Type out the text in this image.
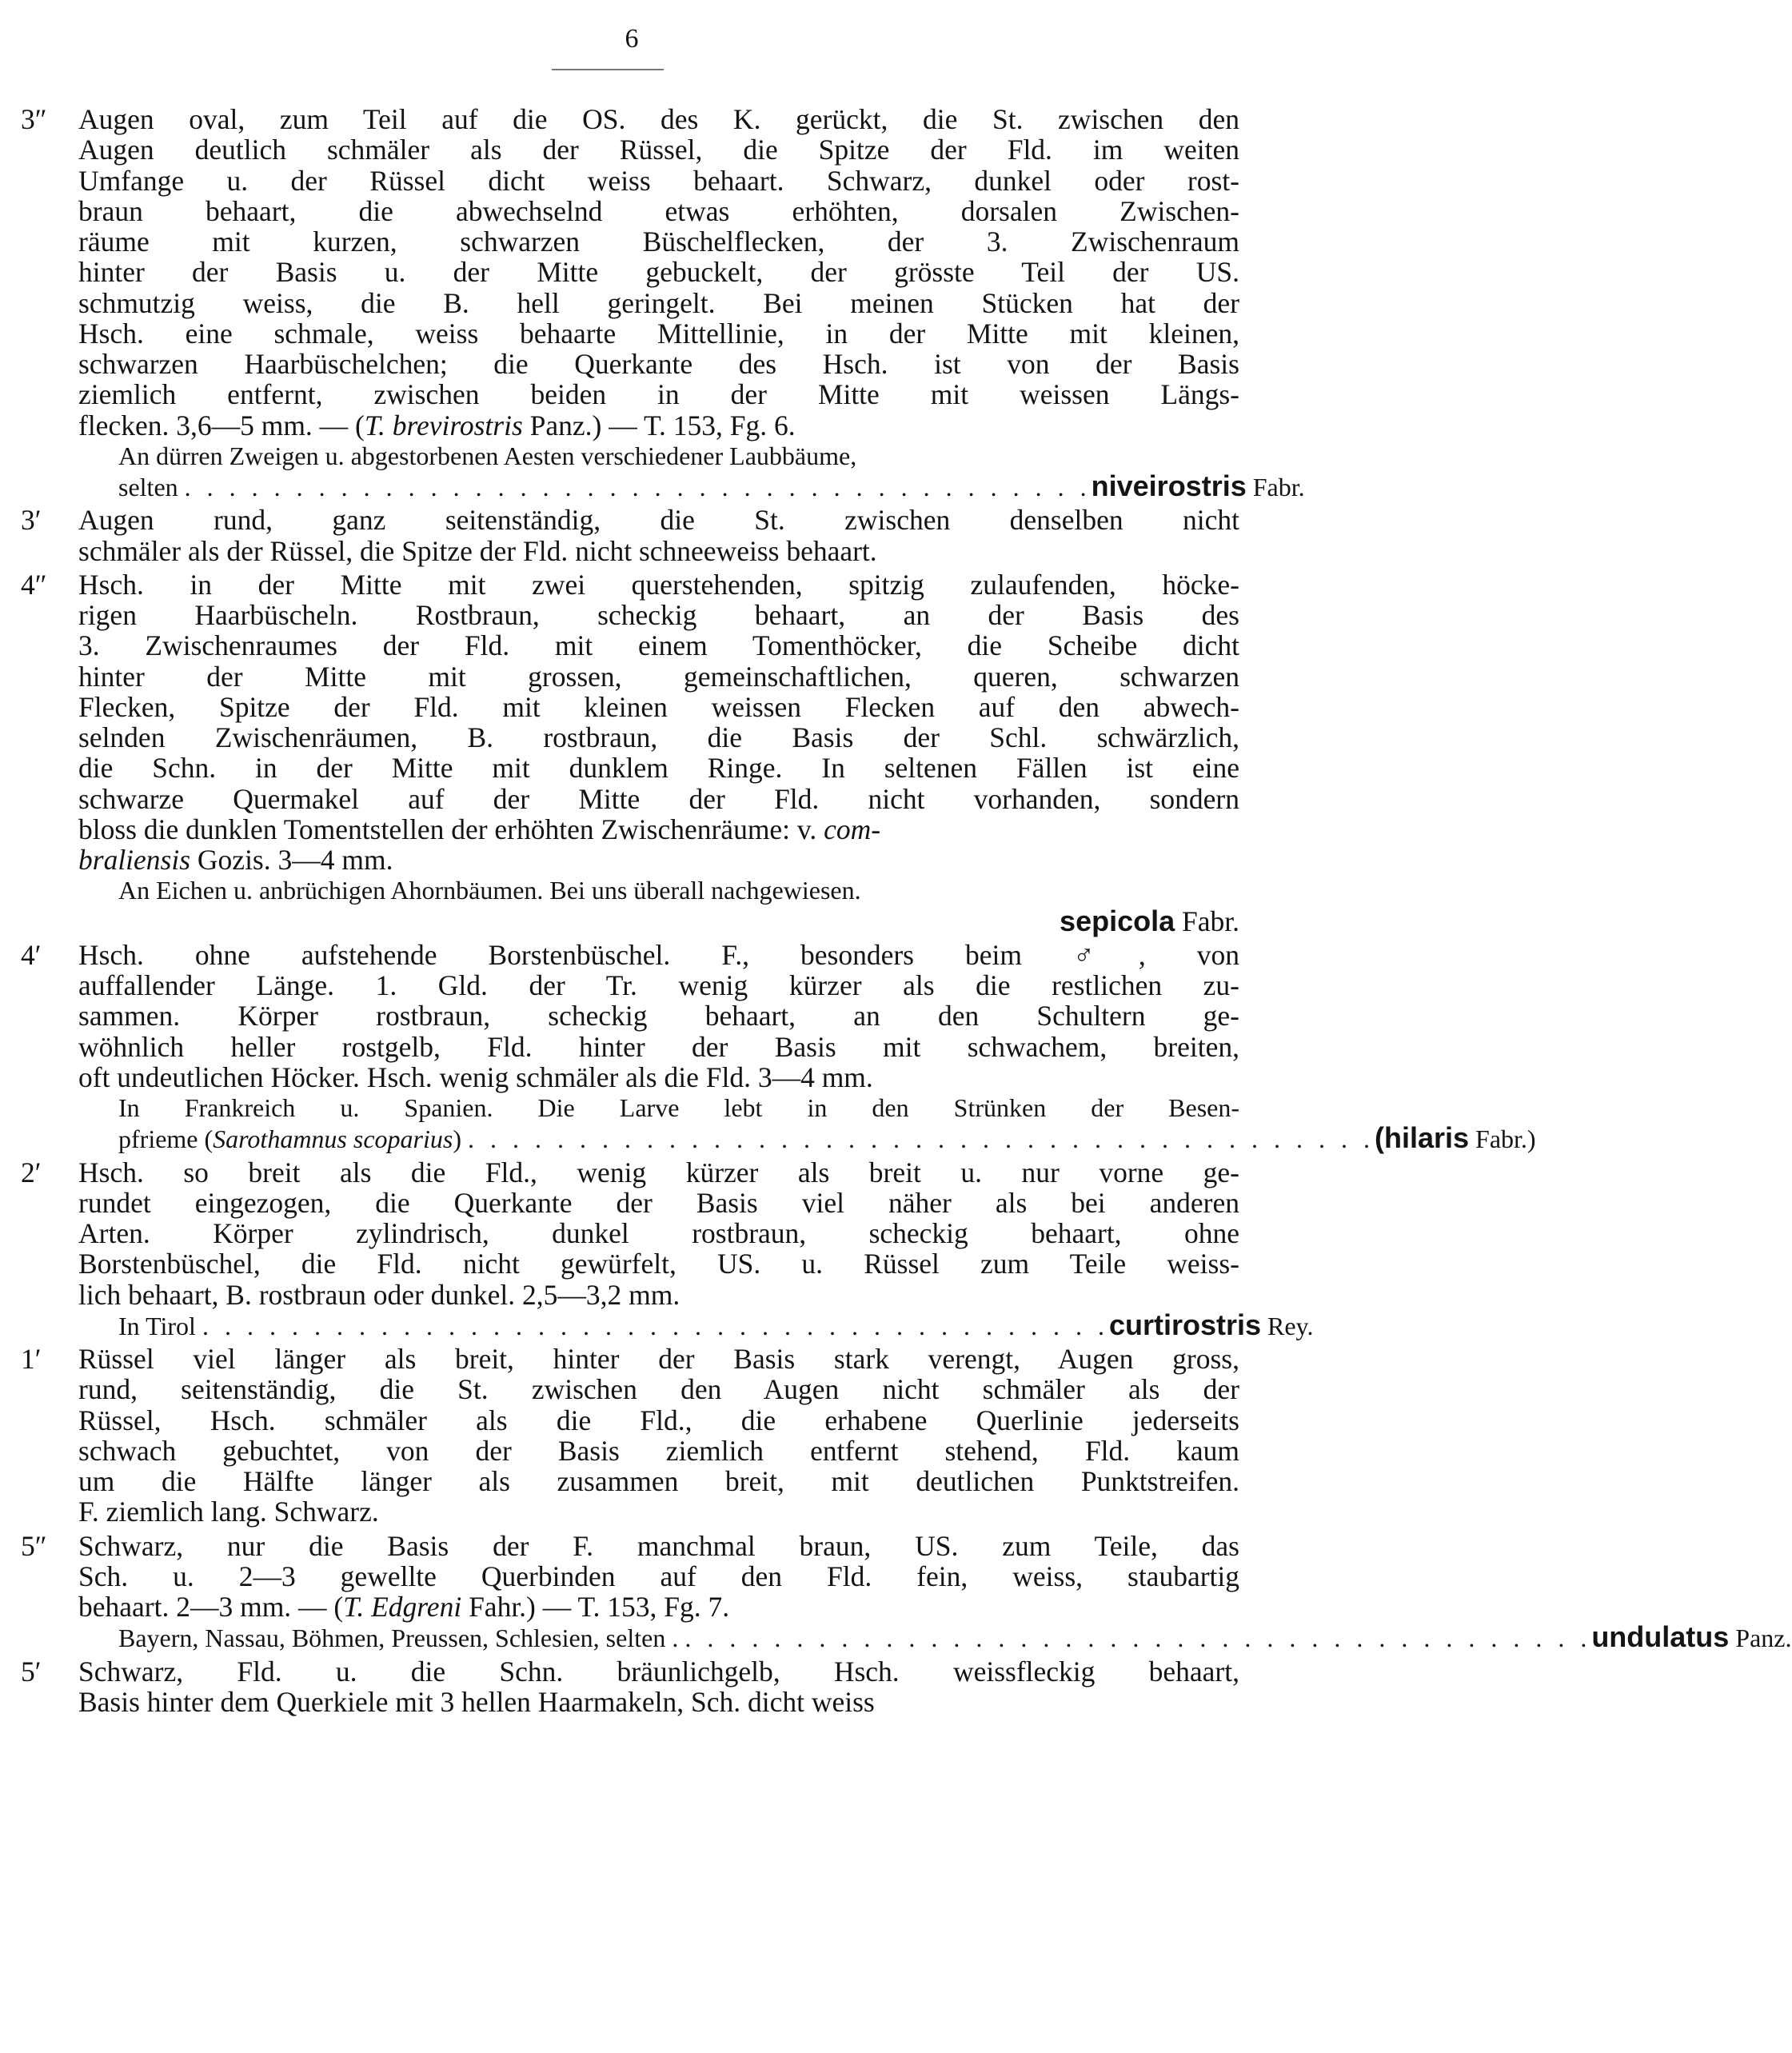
6
3″	Augen oval, zum Teil auf die OS. des K. gerückt, die St. zwischen den
Augen deutlich schmäler als der Rüssel, die Spitze der Fld. im weiten
Umfange u. der Rüssel dicht weiss behaart. Schwarz, dunkel oder rost-
braun behaart, die abwechselnd etwas erhöhten, dorsalen Zwischen-
räume mit kurzen, schwarzen Büschelflecken, der 3. Zwischenraum
hinter der Basis u. der Mitte gebuckelt, der grösste Teil der US.
schmutzig weiss, die B. hell geringelt. Bei meinen Stücken hat der
Hsch. eine schmale, weiss behaarte Mittellinie, in der Mitte mit kleinen,
schwarzen Haarbüschelchen; die Querkante des Hsch. ist von der Basis
ziemlich entfernt, zwischen beiden in der Mitte mit weissen Längs-
flecken. 3,6—5 mm. — (T. brevirostris Panz.) — T. 153, Fg. 6.
An dürren Zweigen u. abgestorbenen Aesten verschiedener Laubbäume,
selten . . . . . . . . . . . . . . . . . . . . . . . . . . . . . . . . . . . . . . . . . niveirostris Fabr.
3′	Augen rund, ganz seitenständig, die St. zwischen denselben nicht
schmäler als der Rüssel, die Spitze der Fld. nicht schneeweiss behaart.
4″	Hsch. in der Mitte mit zwei querstehenden, spitzig zulaufenden, höcke-
rigen Haarbüscheln. Rostbraun, scheckig behaart, an der Basis des
3. Zwischenraumes der Fld. mit einem Tomenthöcker, die Scheibe dicht
hinter der Mitte mit grossen, gemeinschaftlichen, queren, schwarzen
Flecken, Spitze der Fld. mit kleinen weissen Flecken auf den abwech-
selnden Zwischenräumen, B. rostbraun, die Basis der Schl. schwärzlich,
die Schn. in der Mitte mit dunklem Ringe. In seltenen Fällen ist eine
schwarze Quermakel auf der Mitte der Fld. nicht vorhanden, sondern
bloss die dunklen Tomentstellen der erhöhten Zwischenräume: v. com-
braliensis Gozis. 3—4 mm.
An Eichen u. anbrüchigen Ahornbäumen. Bei uns überall nachgewiesen.
sepicola Fabr.
4′	Hsch. ohne aufstehende Borstenbüschel. F., besonders beim ♂, von
auffallender Länge. 1. Gld. der Tr. wenig kürzer als die restlichen zu-
sammen. Körper rostbraun, scheckig behaart, an den Schultern ge-
wöhnlich heller rostgelb, Fld. hinter der Basis mit schwachem, breiten,
oft undeutlichen Höcker. Hsch. wenig schmäler als die Fld. 3—4 mm.
In Frankreich u. Spanien. Die Larve lebt in den Strünken der Besen-
pfrieme (Sarothamnus scoparius) . . . . . . . . . . . . . . . . . . . . . . . . . . . . . . . . . . . . . . . . . (hilaris Fabr.)
2′	Hsch. so breit als die Fld., wenig kürzer als breit u. nur vorne ge-
rundet eingezogen, die Querkante der Basis viel näher als bei anderen
Arten. Körper zylindrisch, dunkel rostbraun, scheckig behaart, ohne
Borstenbüschel, die Fld. nicht gewürfelt, US. u. Rüssel zum Teile weiss-
lich behaart, B. rostbraun oder dunkel. 2,5—3,2 mm.
In Tirol . . . . . . . . . . . . . . . . . . . . . . . . . . . . . . . . . . . . . . . . . curtirostris Rey.
1′	Rüssel viel länger als breit, hinter der Basis stark verengt, Augen gross,
rund, seitenständig, die St. zwischen den Augen nicht schmäler als der
Rüssel, Hsch. schmäler als die Fld., die erhabene Querlinie jederseits
schwach gebuchtet, von der Basis ziemlich entfernt stehend, Fld. kaum
um die Hälfte länger als zusammen breit, mit deutlichen Punktstreifen.
F. ziemlich lang. Schwarz.
5″	Schwarz, nur die Basis der F. manchmal braun, US. zum Teile, das
Sch. u. 2—3 gewellte Querbinden auf den Fld. fein, weiss, staubartig
behaart. 2—3 mm. — (T. Edgreni Fahr.) — T. 153, Fg. 7.
Bayern, Nassau, Böhmen, Preussen, Schlesien, selten . . . . . . . . . . . . . . . . . . . . . . . . . . . . . . . . . . . . . . . . . . undulatus Panz.
5′	Schwarz, Fld. u. die Schn. bräunlichgelb, Hsch. weissfleckig behaart,
Basis hinter dem Querkiele mit 3 hellen Haarmakeln, Sch. dicht weiss
